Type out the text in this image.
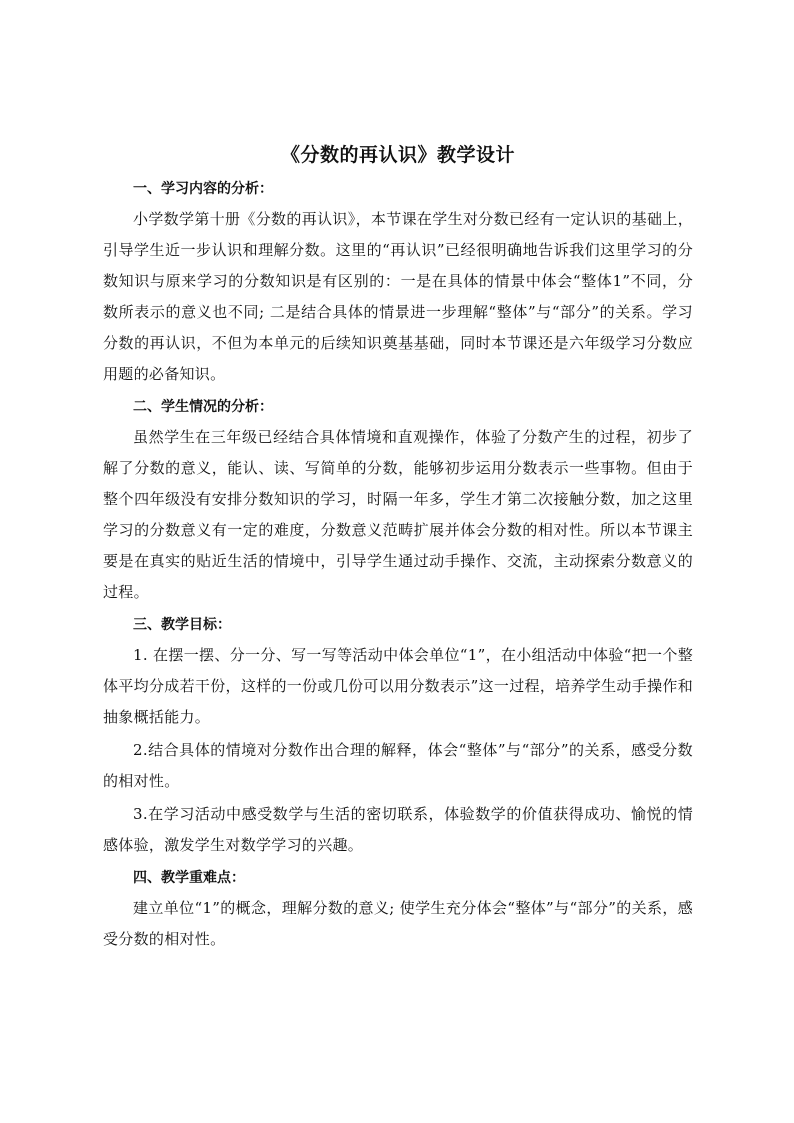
《分数的再认识》教学设计

一、学习内容的分析：

小学数学第十册《分数的再认识》，本节课在学生对分数已经有一定认识的基础上，引导学生近一步认识和理解分数。这里的“再认识”已经很明确地告诉我们这里学习的分数知识与原来学习的分数知识是有区别的：一是在具体的情景中体会“整体1”不同，分数所表示的意义也不同; 二是结合具体的情景进一步理解“整体”与“部分”的关系。学习分数的再认识，不但为本单元的后续知识奠基基础，同时本节课还是六年级学习分数应用题的必备知识。

二、学生情况的分析：

虽然学生在三年级已经结合具体情境和直观操作，体验了分数产生的过程，初步了解了分数的意义，能认、读、写简单的分数，能够初步运用分数表示一些事物。但由于整个四年级没有安排分数知识的学习，时隔一年多，学生才第二次接触分数，加之这里学习的分数意义有一定的难度，分数意义范畴扩展并体会分数的相对性。所以本节课主要是在真实的贴近生活的情境中，引导学生通过动手操作、交流，主动探索分数意义的过程。

三、教学目标：

1. 在摆一摆、分一分、写一写等活动中体会单位“1”，在小组活动中体验“把一个整体平均分成若干份，这样的一份或几份可以用分数表示”这一过程，培养学生动手操作和抽象概括能力。

2.结合具体的情境对分数作出合理的解释，体会“整体”与“部分”的关系，感受分数的相对性。

3.在学习活动中感受数学与生活的密切联系，体验数学的价值获得成功、愉悦的情感体验，激发学生对数学学习的兴趣。

四、教学重难点：

建立单位“1”的概念，理解分数的意义; 使学生充分体会“整体”与“部分”的关系，感受分数的相对性。
